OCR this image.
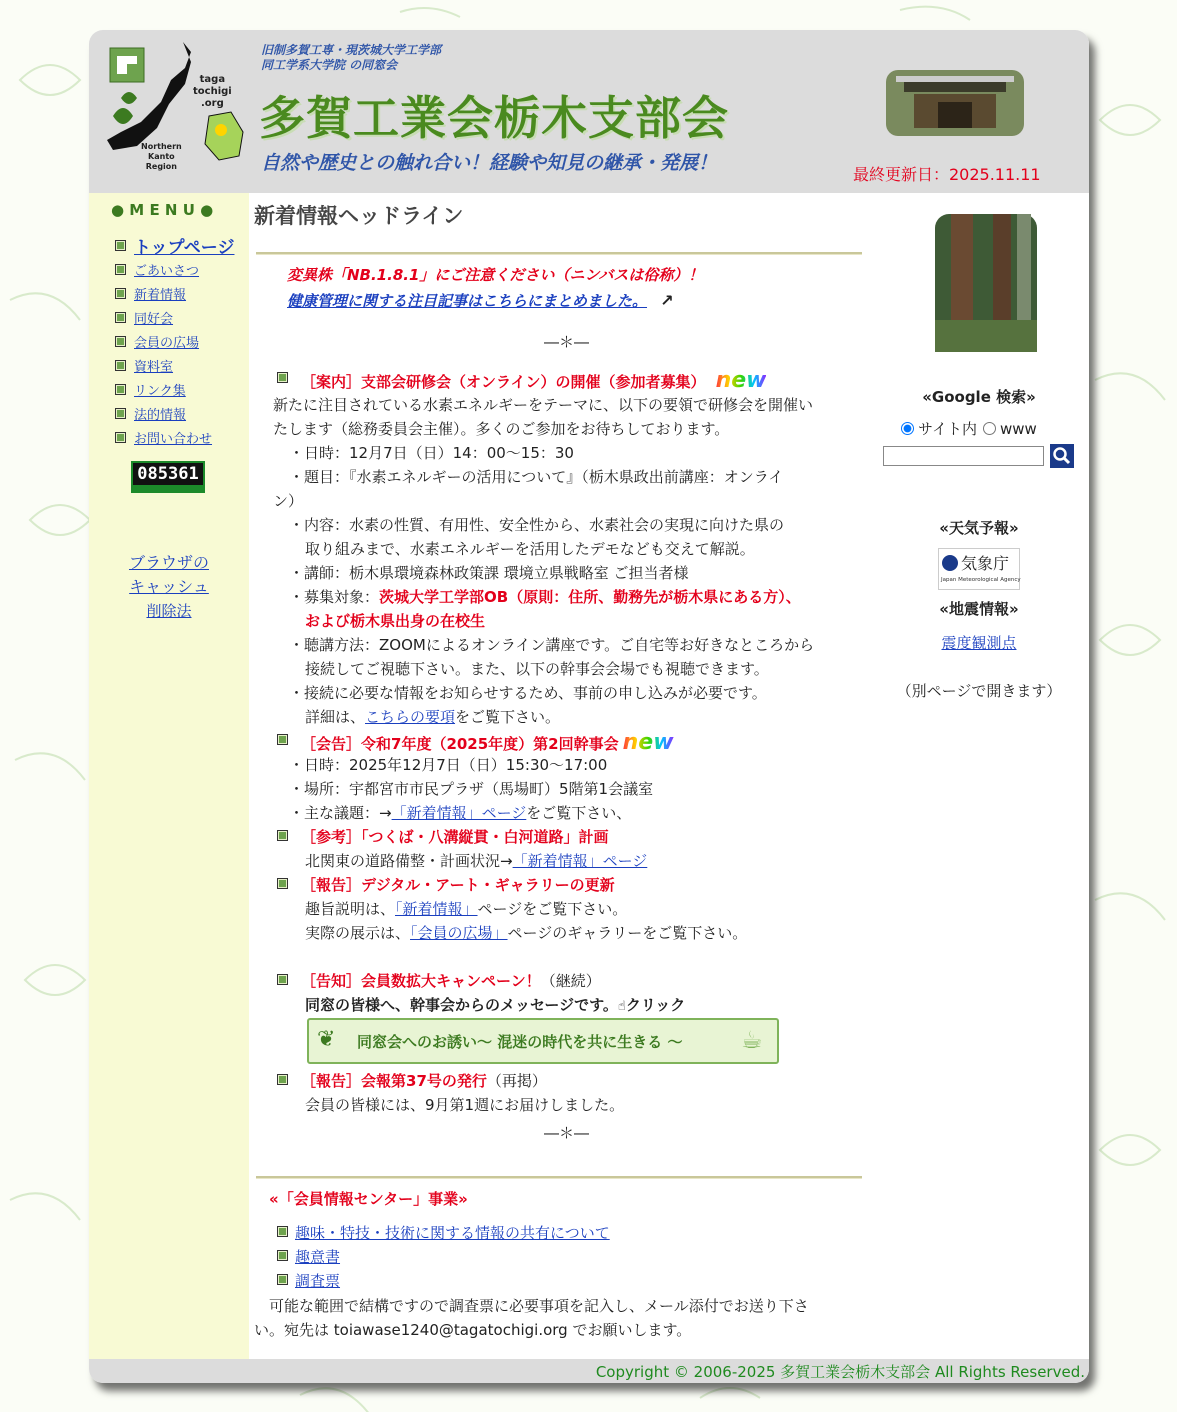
taga
tochigi
.org
Northern
Kanto
Region
旧制多賀工専・現茨城大学工学部
同工学系大学院 の同窓会
多賀工業会栃木支部会
自然や歴史との触れ合い！経験や知見の継承・発展！
最終更新日：2025.11.11
● M E N U ●
トップページ
ごあいさつ
新着情報
同好会
会員の広場
資料室
リンク集
法的情報
お問い合わせ
085361
ブラウザの
キャッシュ
削除法
新着情報ヘッドライン
変異株「NB.1.8.1」にご注意ください（ニンバスは俗称）！
健康管理に関する注目記事はこちらにまとめました。 ↗
―＊―
［案内］支部会研修会（オンライン）の開催（参加者募集） new
新たに注目されている水素エネルギーをテーマに、以下の要領で研修会を開催い
たします（総務委員会主催）。多くのご参加をお待ちしております。
・日時：12月7日（日）14：00〜15：30
・題目：『水素エネルギーの活用について』（栃木県政出前講座：オンライ
ン）
・内容：水素の性質、有用性、安全性から、水素社会の実現に向けた県の
取り組みまで、水素エネルギーを活用したデモなども交えて解説。
・講師：栃木県環境森林政策課 環境立県戦略室 ご担当者様
・募集対象：茨城大学工学部OB（原則：住所、勤務先が栃木県にある方）、
および栃木県出身の在校生
・聴講方法：ZOOMによるオンライン講座です。ご自宅等お好きなところから
接続してご視聴下さい。また、以下の幹事会会場でも視聴できます。
・接続に必要な情報をお知らせするため、事前の申し込みが必要です。
詳細は、こちらの要項をご覧下さい。
［会告］令和7年度（2025年度）第2回幹事会 new
・日時：2025年12月7日（日）15:30〜17:00
・場所：宇都宮市市民プラザ（馬場町）5階第1会議室
・主な議題：→「新着情報」ページをご覧下さい、
［参考］「つくば・八溝縦貫・白河道路」計画
北関東の道路備整・計画状況→「新着情報」ページ
［報告］デジタル・アート・ギャラリーの更新
趣旨説明は、「新着情報」ページをご覧下さい。
実際の展示は、「会員の広場」ページのギャラリーをご覧下さい。
［告知］会員数拡大キャンペーン！（継続）
同窓の皆様へ、幹事会からのメッセージです。☝クリック
❦ 同窓会へのお誘い〜 混迷の時代を共に生きる 〜 ☕
［報告］会報第37号の発行（再掲）
会員の皆様には、9月第1週にお届けしました。
―＊―
«「会員情報センター」事業»
趣味・特技・技術に関する情報の共有について
趣意書
調査票
可能な範囲で結構ですので調査票に必要事項を記入し、メール添付でお送り下さ
い。宛先は toiawase1240@tagatochigi.org でお願いします。
«Google 検索»
サイト内 www
«天気予報»
気象庁
Japan Meteorological Agency
«地震情報»
震度観測点
（別ページで開きます）
Copyright © 2006-2025 多賀工業会栃木支部会 All Rights Reserved.
